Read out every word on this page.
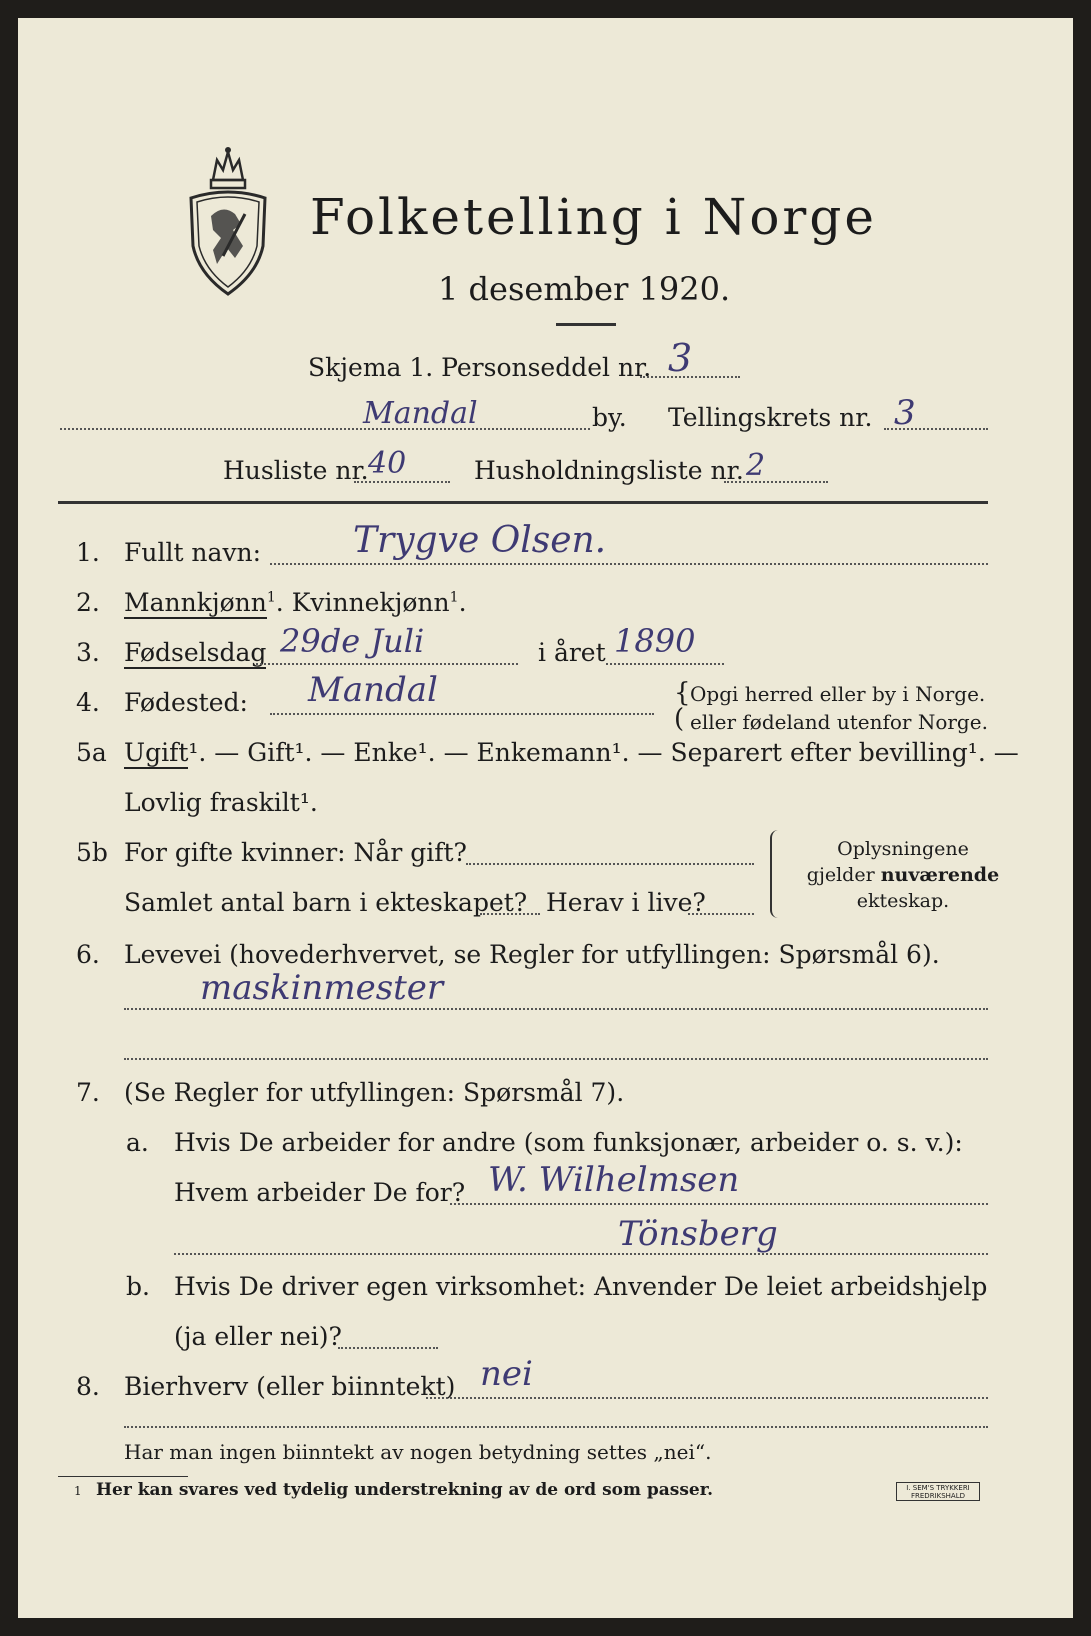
Folketelling i Norge
1 desember 1920.
Skjema 1. Personseddel nr. 3
Mandal	by. Tellingskrets nr. 3
Husliste nr. 40	Husholdningsliste nr. 2
1. Fullt navn:	Trygve Olsen.
2. Mannkjønn$^1$. Kvinnekjønn$^1$.
3. Fødselsdag 29de Juli	i året 1890
4. Fødested: Mandal	{
(
Opgi herred eller by i Norge.
eller fødeland utenfor Norge.
5a Ugift¹. — Gift¹. — Enke¹. — Enkemann¹. — Separert efter bevilling¹. —
Lovlig fraskilt¹.
5b For gifte kvinner: Når gift?
Samlet antal barn i ekteskapet? Herav i live?
Oplysningene
gjelder nuværende
ekteskap.
6. Levevei (hovederhvervet, se Regler for utfyllingen: Spørsmål 6).
maskinmester
7. (Se Regler for utfyllingen: Spørsmål 7).
a. Hvis De arbeider for andre (som funksjonær, arbeider o. s. v.):
Hvem arbeider De for? W. Wilhelmsen
Tönsberg
b. Hvis De driver egen virksomhet: Anvender De leiet arbeidshjelp
(ja eller nei)?
8. Bierhverv (eller biinntekt) nei
Har man ingen biinntekt av nogen betydning settes „nei“.
1 Her kan svares ved tydelig understrekning av de ord som passer.	I. SEM'S TRYKKERI FREDRIKSHALD
